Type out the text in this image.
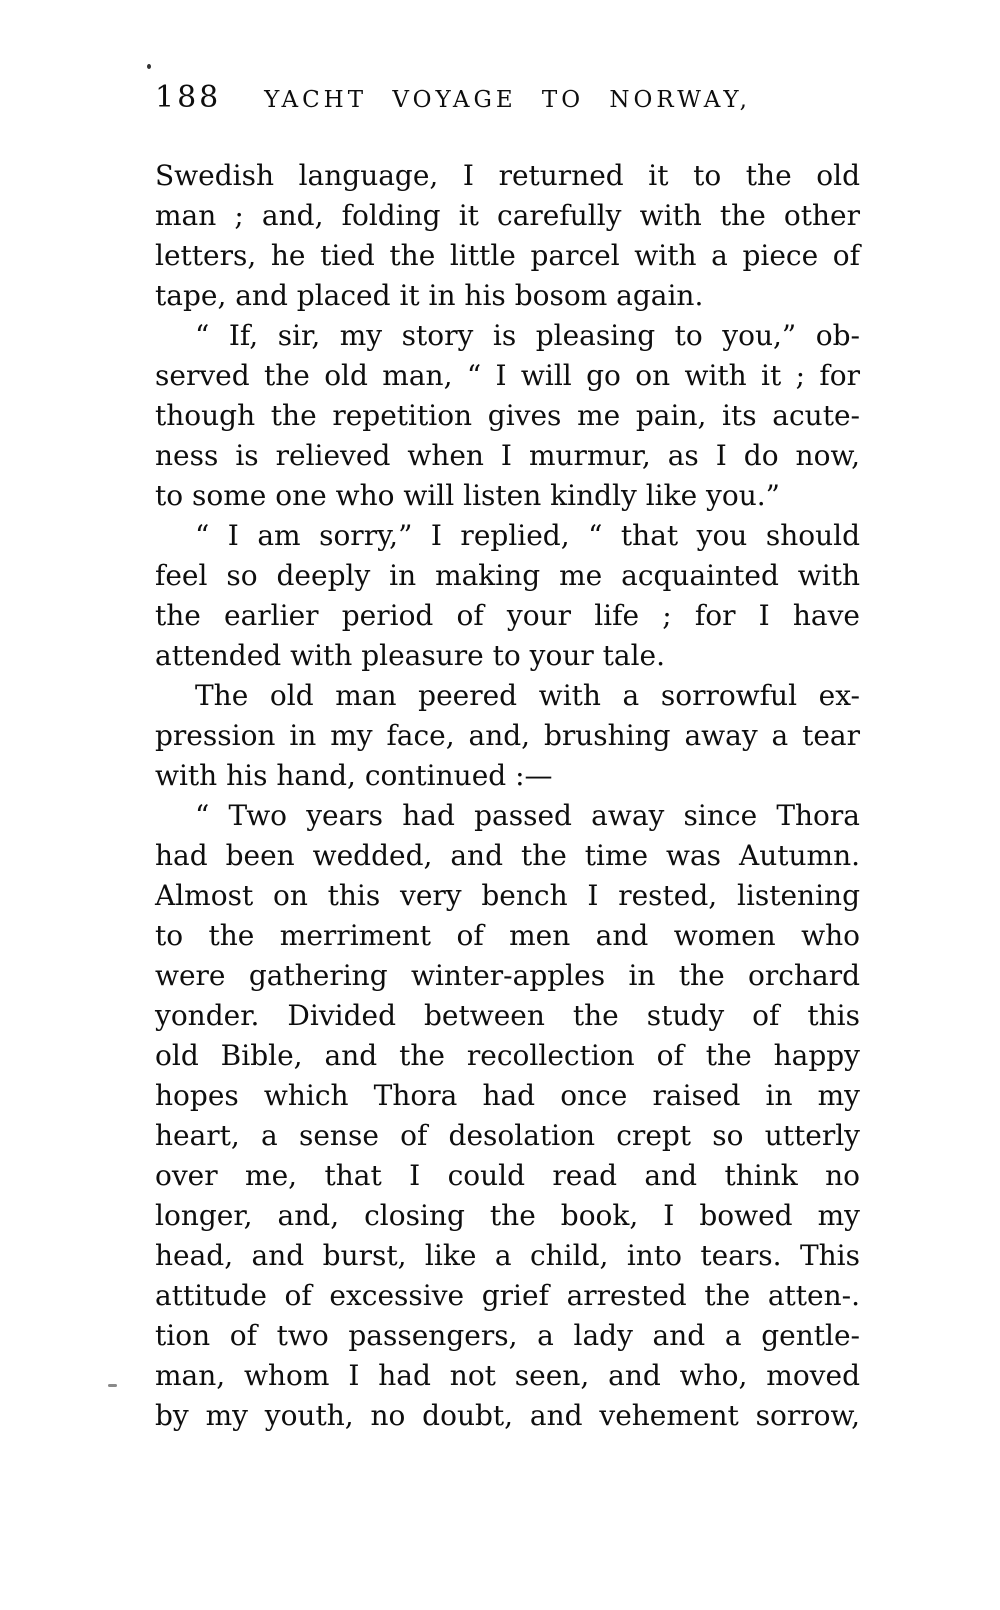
188	YACHT VOYAGE TO NORWAY,
Swedish language, I returned it to the old
man ; and, folding it carefully with the other
letters, he tied the little parcel with a piece of
tape, and placed it in his bosom again.
“ If, sir, my story is pleasing to you,” ob-
served the old man, “ I will go on with it ; for
though the repetition gives me pain, its acute-
ness is relieved when I murmur, as I do now,
to some one who will listen kindly like you.”
“ I am sorry,” I replied, “ that you should
feel so deeply in making me acquainted with
the earlier period of your life ; for I have
attended with pleasure to your tale.
The old man peered with a sorrowful ex-
pression in my face, and, brushing away a tear
with his hand, continued :—
“ Two years had passed away since Thora
had been wedded, and the time was Autumn.
Almost on this very bench I rested, listening
to the merriment of men and women who
were gathering winter-apples in the orchard
yonder. Divided between the study of this
old Bible, and the recollection of the happy
hopes which Thora had once raised in my
heart, a sense of desolation crept so utterly
over me, that I could read and think no
longer, and, closing the book, I bowed my
head, and burst, like a child, into tears. This
attitude of excessive grief arrested the atten-.
tion of two passengers, a lady and a gentle-
man, whom I had not seen, and who, moved
by my youth, no doubt, and vehement sorrow,
